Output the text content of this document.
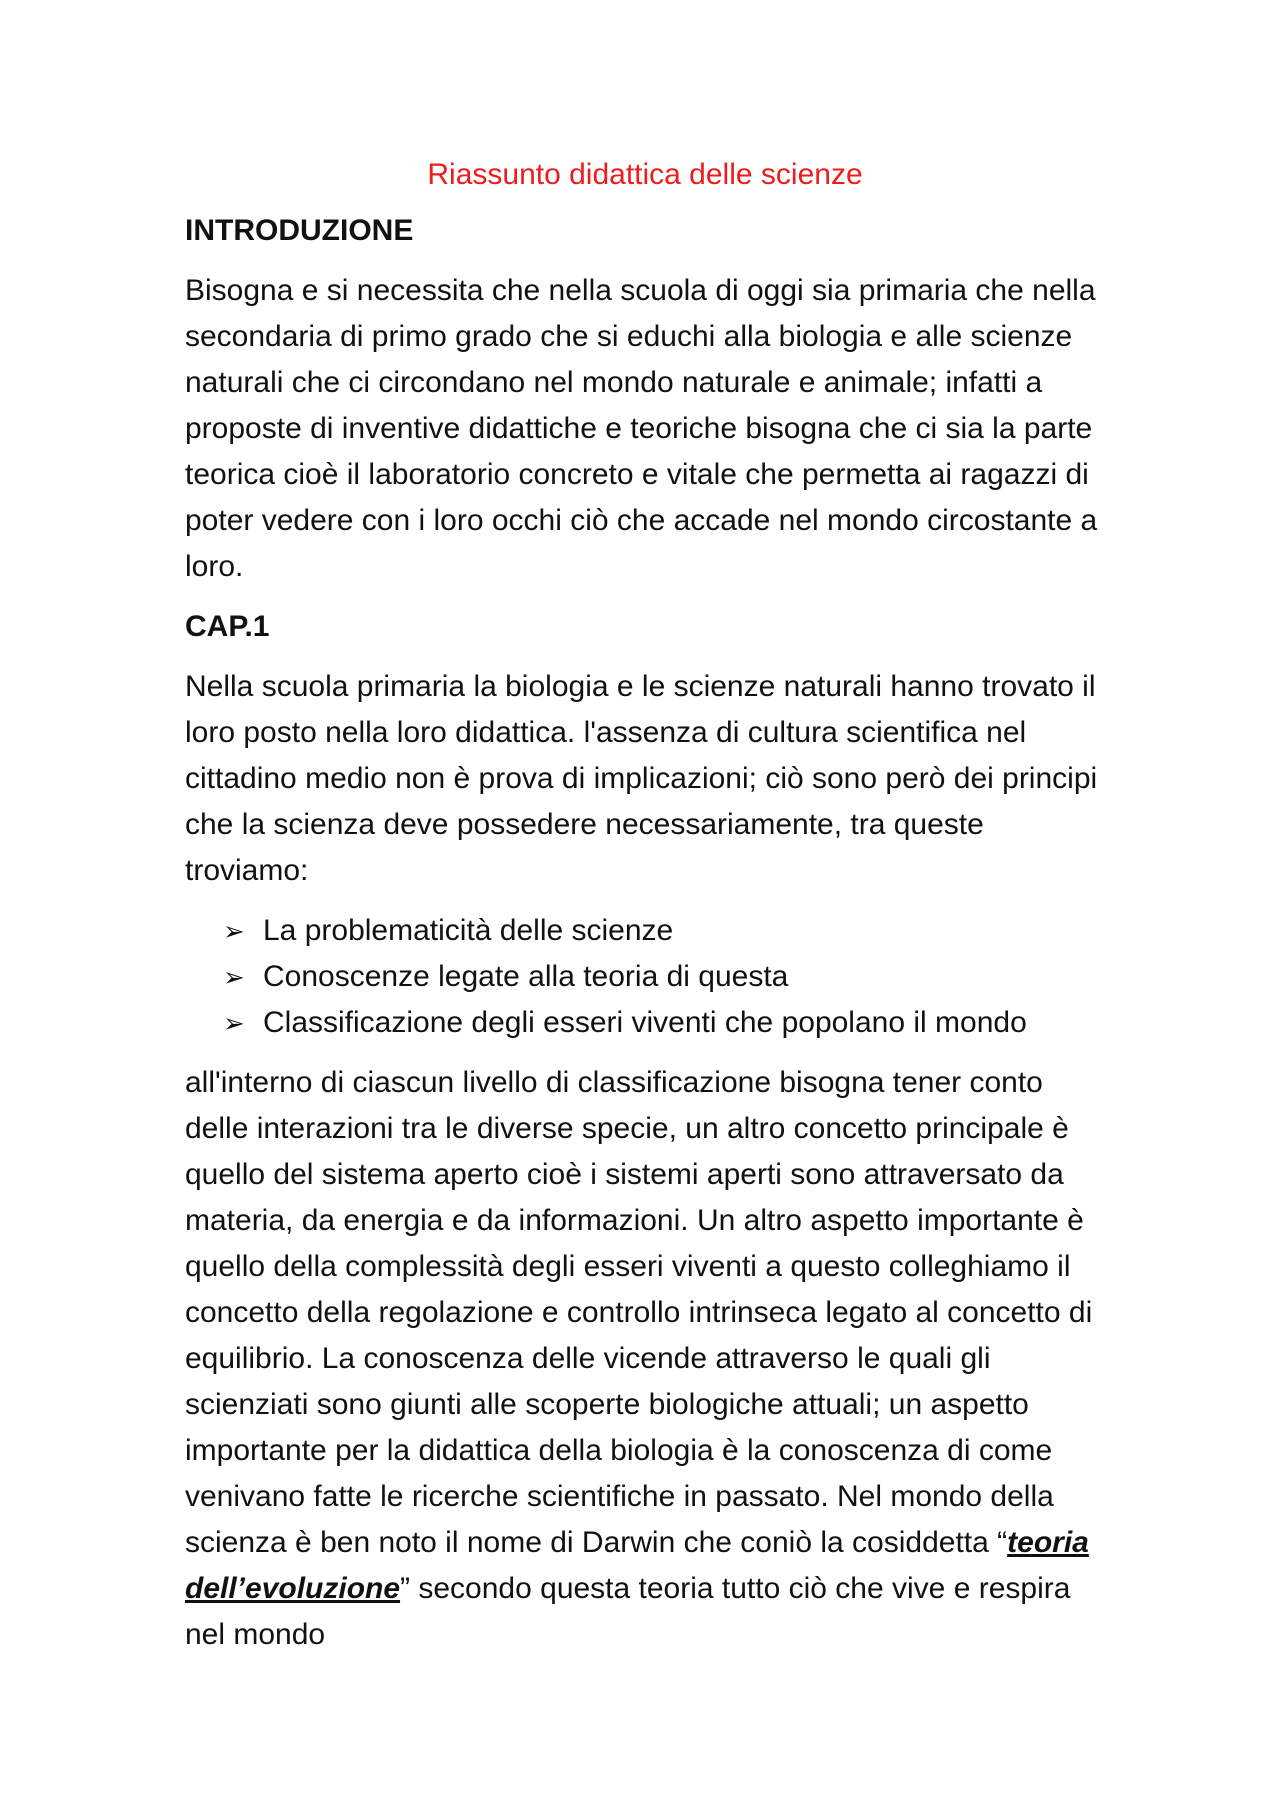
Riassunto didattica delle scienze
INTRODUZIONE

Bisogna e si necessita che nella scuola di oggi sia primaria che nella secondaria di primo grado che si educhi alla biologia e alle scienze naturali che ci circondano nel mondo naturale e animale; infatti a proposte di inventive didattiche e teoriche bisogna che ci sia la parte teorica cioè il laboratorio concreto e vitale che permetta ai ragazzi di poter vedere con i loro occhi ciò che accade nel mondo circostante a loro.

CAP.1

Nella scuola primaria la biologia e le scienze naturali hanno trovato il loro posto nella loro didattica. l'assenza di cultura scientifica nel cittadino medio non è prova di implicazioni; ciò sono però dei principi che la scienza deve possedere necessariamente, tra queste troviamo:

➢ La problematicità delle scienze
➢ Conoscenze legate alla teoria di questa
➢ Classificazione degli esseri viventi che popolano il mondo

all'interno di ciascun livello di classificazione bisogna tener conto delle interazioni tra le diverse specie, un altro concetto principale è quello del sistema aperto cioè i sistemi aperti sono attraversato da materia, da energia e da informazioni. Un altro aspetto importante è quello della complessità degli esseri viventi a questo colleghiamo il concetto della regolazione e controllo intrinseca legato al concetto di equilibrio. La conoscenza delle vicende attraverso le quali gli scienziati sono giunti alle scoperte biologiche attuali; un aspetto importante per la didattica della biologia è la conoscenza di come venivano fatte le ricerche scientifiche in passato. Nel mondo della scienza è ben noto il nome di Darwin che coniò la cosiddetta “teoria dell’evoluzione” secondo questa teoria tutto ciò che vive e respira nel mondo
